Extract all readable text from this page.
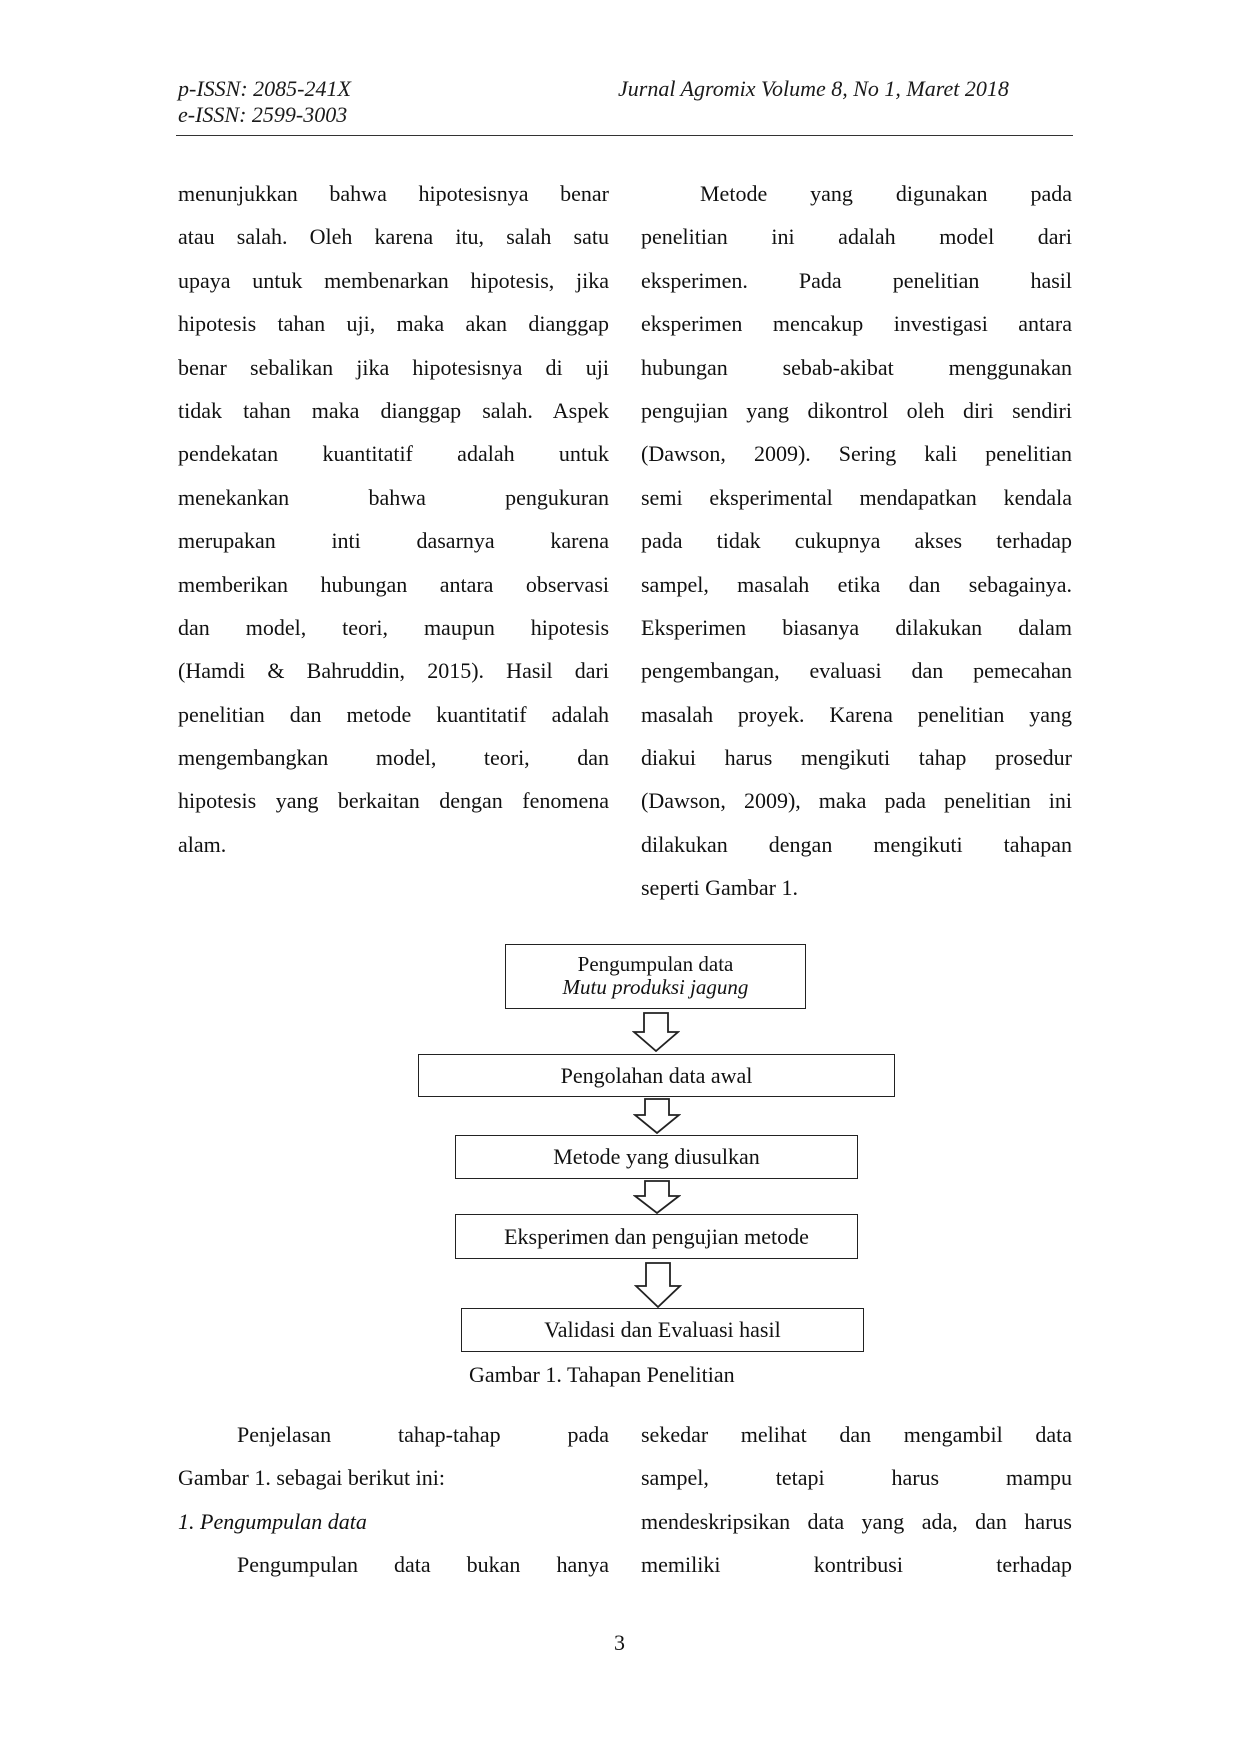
p-ISSN: 2085-241X
e-ISSN: 2599-3003
Jurnal Agromix Volume 8, No 1, Maret 2018
menunjukkan bahwa hipotesisnya benar
atau salah. Oleh karena itu, salah satu
upaya untuk membenarkan hipotesis, jika
hipotesis tahan uji, maka akan dianggap
benar sebalikan jika hipotesisnya di uji
tidak tahan maka dianggap salah. Aspek
pendekatan kuantitatif adalah untuk
menekankan bahwa pengukuran
merupakan inti dasarnya karena
memberikan hubungan antara observasi
dan model, teori, maupun hipotesis
(Hamdi & Bahruddin, 2015). Hasil dari
penelitian dan metode kuantitatif adalah
mengembangkan model, teori, dan
hipotesis yang berkaitan dengan fenomena
alam.
Metode yang digunakan pada
penelitian ini adalah model dari
eksperimen. Pada penelitian hasil
eksperimen mencakup investigasi antara
hubungan sebab-akibat menggunakan
pengujian yang dikontrol oleh diri sendiri
(Dawson, 2009). Sering kali penelitian
semi eksperimental mendapatkan kendala
pada tidak cukupnya akses terhadap
sampel, masalah etika dan sebagainya.
Eksperimen biasanya dilakukan dalam
pengembangan, evaluasi dan pemecahan
masalah proyek. Karena penelitian yang
diakui harus mengikuti tahap prosedur
(Dawson, 2009), maka pada penelitian ini
dilakukan dengan mengikuti tahapan
seperti Gambar 1.
Pengumpulan data
Mutu produksi jagung
Pengolahan data awal
Metode yang diusulkan
Eksperimen dan pengujian metode
Validasi dan Evaluasi hasil
Gambar 1. Tahapan Penelitian
Penjelasan tahap-tahap pada
Gambar 1. sebagai berikut ini:
1. Pengumpulan data
Pengumpulan data bukan hanya
sekedar melihat dan mengambil data
sampel, tetapi harus mampu
mendeskripsikan data yang ada, dan harus
memiliki kontribusi terhadap
3
